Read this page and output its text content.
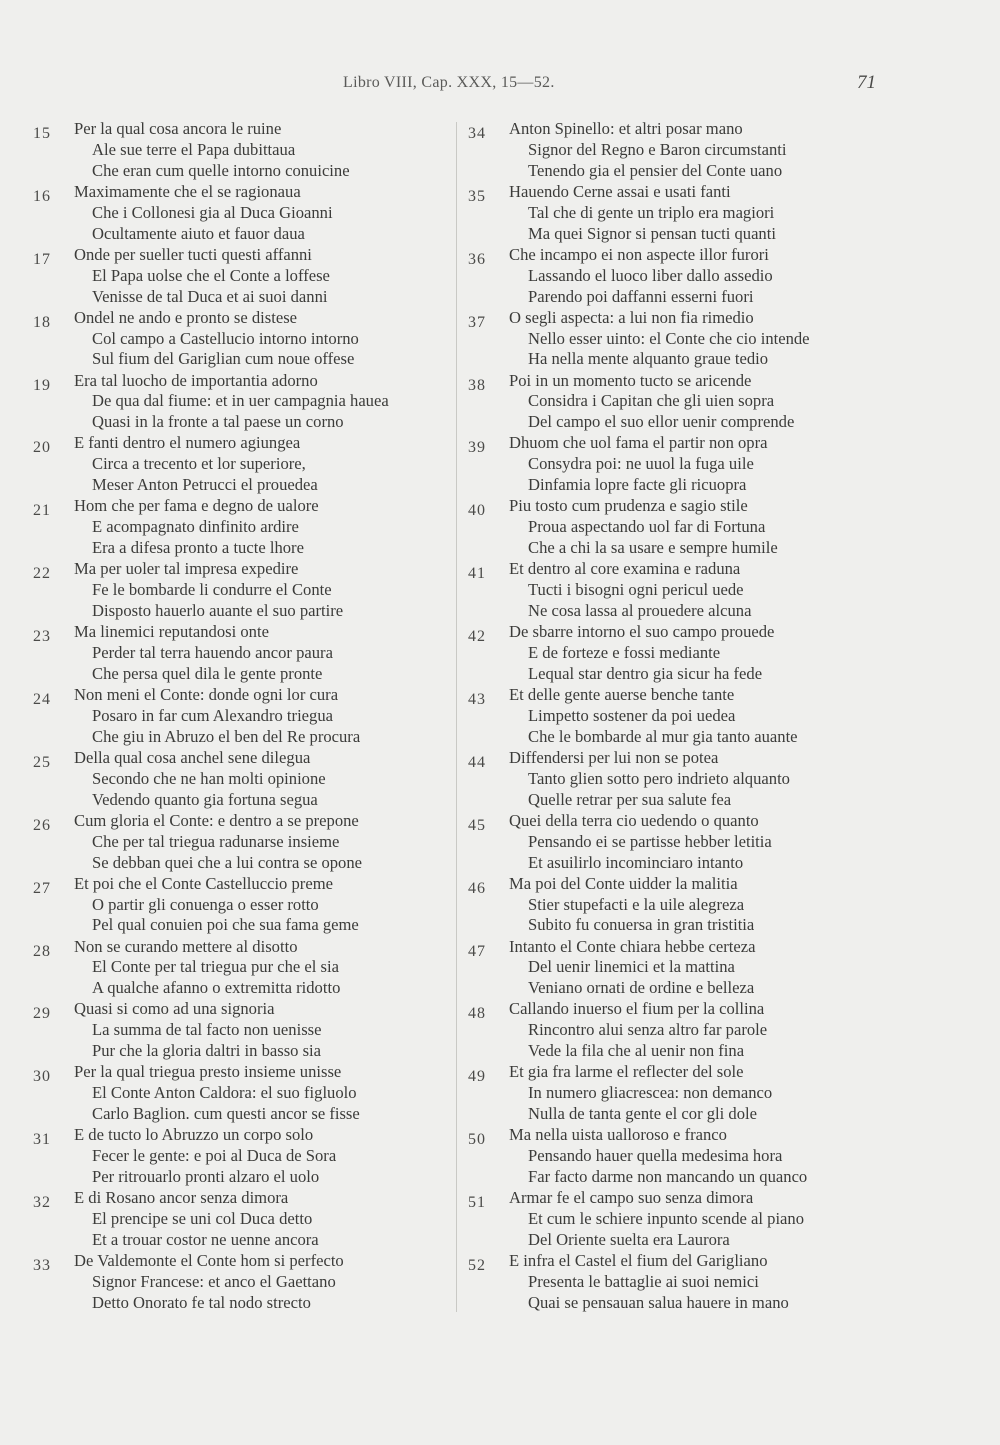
Libro VIII, Cap. XXX, 15—52.	71
15	Per la qual cosa ancora le ruine
Ale sue terre el Papa dubittaua
Che eran cum quelle intorno conuicine
16	Maximamente che el se ragionaua
Che i Collonesi gia al Duca Gioanni
Ocultamente aiuto et fauor daua
17	Onde per sueller tucti questi affanni
El Papa uolse che el Conte a loffese
Venisse de tal Duca et ai suoi danni
18	Ondel ne ando e pronto se distese
Col campo a Castellucio intorno intorno
Sul fium del Gariglian cum noue offese
19	Era tal luocho de importantia adorno
De qua dal fiume: et in uer campagnia hauea
Quasi in la fronte a tal paese un corno
20	E fanti dentro el numero agiungea
Circa a trecento et lor superiore,
Meser Anton Petrucci el prouedea
21	Hom che per fama e degno de ualore
E acompagnato dinfinito ardire
Era a difesa pronto a tucte lhore
22	Ma per uoler tal impresa expedire
Fe le bombarde li condurre el Conte
Disposto hauerlo auante el suo partire
23	Ma linemici reputandosi onte
Perder tal terra hauendo ancor paura
Che persa quel dila le gente pronte
24	Non meni el Conte: donde ogni lor cura
Posaro in far cum Alexandro triegua
Che giu in Abruzo el ben del Re procura
25	Della qual cosa anchel sene dilegua
Secondo che ne han molti opinione
Vedendo quanto gia fortuna segua
26	Cum gloria el Conte: e dentro a se prepone
Che per tal triegua radunarse insieme
Se debban quei che a lui contra se opone
27	Et poi che el Conte Castelluccio preme
O partir gli conuenga o esser rotto
Pel qual conuien poi che sua fama geme
28	Non se curando mettere al disotto
El Conte per tal triegua pur che el sia
A qualche afanno o extremitta ridotto
29	Quasi si como ad una signoria
La summa de tal facto non uenisse
Pur che la gloria daltri in basso sia
30	Per la qual triegua presto insieme unisse
El Conte Anton Caldora: el suo figluolo
Carlo Baglion. cum questi ancor se fisse
31	E de tucto lo Abruzzo un corpo solo
Fecer le gente: e poi al Duca de Sora
Per ritrouarlo pronti alzaro el uolo
32	E di Rosano ancor senza dimora
El prencipe se uni col Duca detto
Et a trouar costor ne uenne ancora
33	De Valdemonte el Conte hom si perfecto
Signor Francese: et anco el Gaettano
Detto Onorato fe tal nodo strecto
34	Anton Spinello: et altri posar mano
Signor del Regno e Baron circumstanti
Tenendo gia el pensier del Conte uano
35	Hauendo Cerne assai e usati fanti
Tal che di gente un triplo era magiori
Ma quei Signor si pensan tucti quanti
36	Che incampo ei non aspecte illor furori
Lassando el luoco liber dallo assedio
Parendo poi daffanni esserni fuori
37	O segli aspecta: a lui non fia rimedio
Nello esser uinto: el Conte che cio intende
Ha nella mente alquanto graue tedio
38	Poi in un momento tucto se aricende
Considra i Capitan che gli uien sopra
Del campo el suo ellor uenir comprende
39	Dhuom che uol fama el partir non opra
Consydra poi: ne uuol la fuga uile
Dinfamia lopre facte gli ricuopra
40	Piu tosto cum prudenza e sagio stile
Proua aspectando uol far di Fortuna
Che a chi la sa usare e sempre humile
41	Et dentro al core examina e raduna
Tucti i bisogni ogni pericul uede
Ne cosa lassa al prouedere alcuna
42	De sbarre intorno el suo campo prouede
E de forteze e fossi mediante
Lequal star dentro gia sicur ha fede
43	Et delle gente auerse benche tante
Limpetto sostener da poi uedea
Che le bombarde al mur gia tanto auante
44	Diffendersi per lui non se potea
Tanto glien sotto pero indrieto alquanto
Quelle retrar per sua salute fea
45	Quei della terra cio uedendo o quanto
Pensando ei se partisse hebber letitia
Et asuilirlo incominciaro intanto
46	Ma poi del Conte uidder la malitia
Stier stupefacti e la uile alegreza
Subito fu conuersa in gran tristitia
47	Intanto el Conte chiara hebbe certeza
Del uenir linemici et la mattina
Veniano ornati de ordine e belleza
48	Callando inuerso el fium per la collina
Rincontro alui senza altro far parole
Vede la fila che al uenir non fina
49	Et gia fra larme el reflecter del sole
In numero gliacrescea: non demanco
Nulla de tanta gente el cor gli dole
50	Ma nella uista ualloroso e franco
Pensando hauer quella medesima hora
Far facto darme non mancando un quanco
51	Armar fe el campo suo senza dimora
Et cum le schiere inpunto scende al piano
Del Oriente suelta era Laurora
52	E infra el Castel el fium del Garigliano
Presenta le battaglie ai suoi nemici
Quai se pensauan salua hauere in mano
